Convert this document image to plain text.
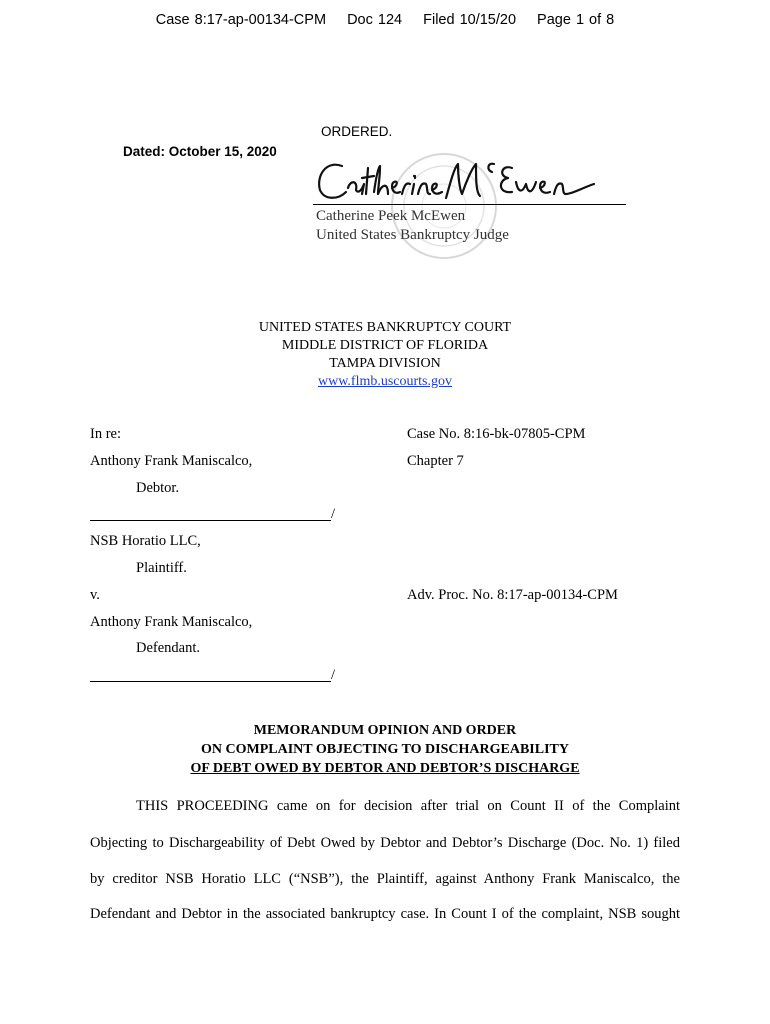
Case 8:17-ap-00134-CPM Doc 124 Filed 10/15/20 Page 1 of 8
ORDERED.
Dated: October 15, 2020
Catherine Peek McEwen
United States Bankruptcy Judge
UNITED STATES BANKRUPTCY COURT
MIDDLE DISTRICT OF FLORIDA
TAMPA DIVISION
www.flmb.uscourts.gov
In re:	Case No. 8:16-bk-07805-CPM
Anthony Frank Maniscalco,	Chapter 7
Debtor.
/
NSB Horatio LLC,
Plaintiff.
v.	Adv. Proc. No. 8:17-ap-00134-CPM
Anthony Frank Maniscalco,
Defendant.
/
MEMORANDUM OPINION AND ORDER
ON COMPLAINT OBJECTING TO DISCHARGEABILITY
OF DEBT OWED BY DEBTOR AND DEBTOR’S DISCHARGE
THIS PROCEEDING came on for decision after trial on Count II of the Complaint
Objecting to Dischargeability of Debt Owed by Debtor and Debtor’s Discharge (Doc. No. 1) filed
by creditor NSB Horatio LLC (“NSB”), the Plaintiff, against Anthony Frank Maniscalco, the
Defendant and Debtor in the associated bankruptcy case. In Count I of the complaint, NSB sought
